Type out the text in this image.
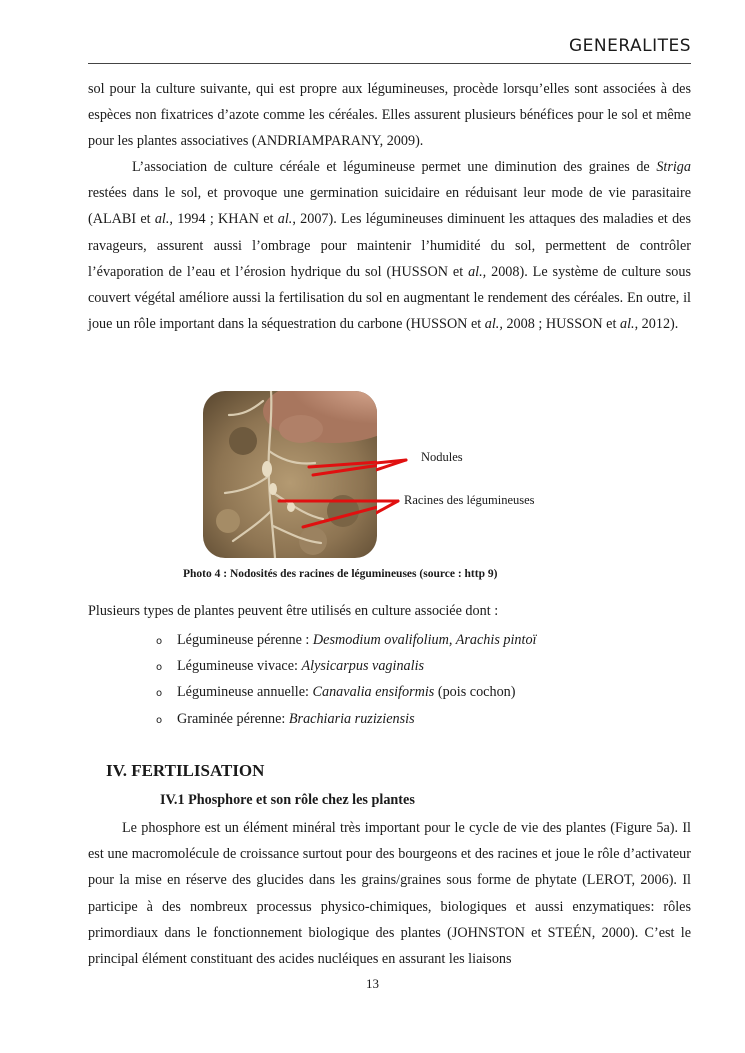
GENERALITES

sol pour la culture suivante, qui est propre aux légumineuses, procède lorsqu’elles sont associées à des espèces non fixatrices d’azote comme les céréales. Elles assurent plusieurs bénéfices pour le sol et même pour les plantes associatives (ANDRIAMPARANY, 2009).

L’association de culture céréale et légumineuse permet une diminution des graines de Striga restées dans le sol, et provoque une germination suicidaire en réduisant leur mode de vie parasitaire (ALABI et al., 1994 ; KHAN et al., 2007). Les légumineuses diminuent les attaques des maladies et des ravageurs, assurent aussi l’ombrage pour maintenir l’humidité du sol, permettent de contrôler l’évaporation de l’eau et l’érosion hydrique du sol (HUSSON et al., 2008). Le système de culture sous couvert végétal améliore aussi la fertilisation du sol en augmentant le rendement des céréales. En outre, il joue un rôle important dans la séquestration du carbone (HUSSON et al., 2008 ; HUSSON et al., 2012).

Nodules
Racines des légumineuses
Photo 4 : Nodosités des racines de légumineuses (source : http 9)
Plusieurs types de plantes peuvent être utilisés en culture associée dont :
o Légumineuse pérenne : Desmodium ovalifolium, Arachis pintoï
o Légumineuse vivace: Alysicarpus vaginalis
o Légumineuse annuelle: Canavalia ensiformis (pois cochon)
o Graminée pérenne: Brachiaria ruziziensis
IV. FERTILISATION
IV.1 Phosphore et son rôle chez les plantes

Le phosphore est un élément minéral très important pour le cycle de vie des plantes (Figure 5a). Il est une macromolécule de croissance surtout pour des bourgeons et des racines et joue le rôle d’activateur pour la mise en réserve des glucides dans les grains/graines sous forme de phytate (LEROT, 2006). Il participe à des nombreux processus physico-chimiques, biologiques et aussi enzymatiques: rôles primordiaux dans le fonctionnement biologique des plantes (JOHNSTON et STEÉN, 2000). C’est le principal élément constituant des acides nucléiques en assurant les liaisons

13
